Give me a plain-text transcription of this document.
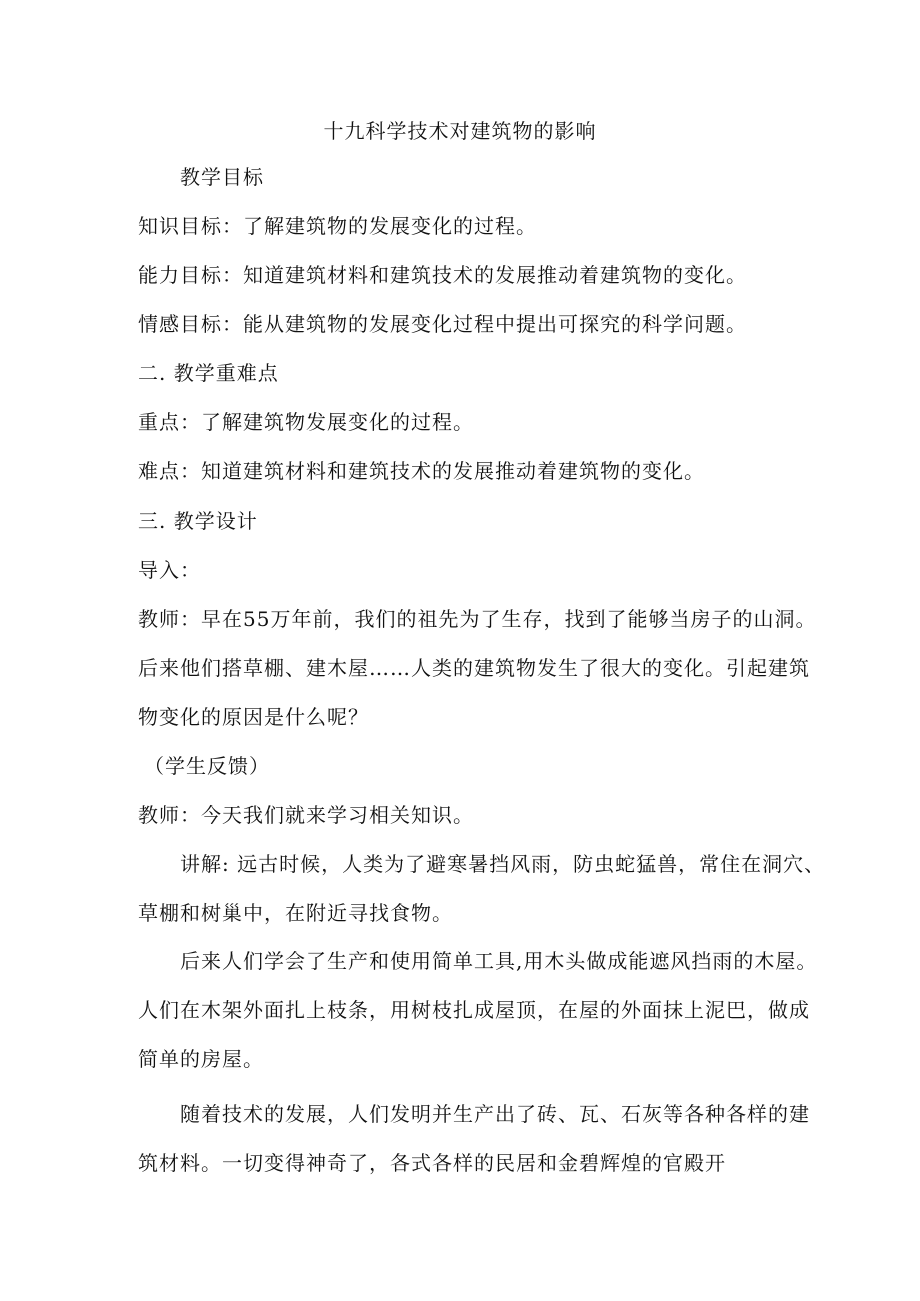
十九科学技术对建筑物的影响
教学目标
知识目标：了解建筑物的发展变化的过程。
能力目标：知道建筑材料和建筑技术的发展推动着建筑物的变化。
情感目标：能从建筑物的发展变化过程中提出可探究的科学问题。
二. 教学重难点
重点：了解建筑物发展变化的过程。
难点：知道建筑材料和建筑技术的发展推动着建筑物的变化。
三. 教学设计
导入：
教师：早在55万年前，我们的祖先为了生存，找到了能够当房子的山洞。
后来他们搭草棚、建木屋……人类的建筑物发生了很大的变化。引起建筑
物变化的原因是什么呢？
（学生反馈）
教师：今天我们就来学习相关知识。
讲解: 远古时候，人类为了避寒暑挡风雨，防虫蛇猛兽，常住在洞穴、
草棚和树巢中，在附近寻找食物。
后来人们学会了生产和使用简单工具,用木头做成能遮风挡雨的木屋。
人们在木架外面扎上枝条，用树枝扎成屋顶，在屋的外面抹上泥巴，做成
简单的房屋。
随着技术的发展，人们发明并生产出了砖、瓦、石灰等各种各样的建
筑材料。一切变得神奇了，各式各样的民居和金碧辉煌的官殿开
